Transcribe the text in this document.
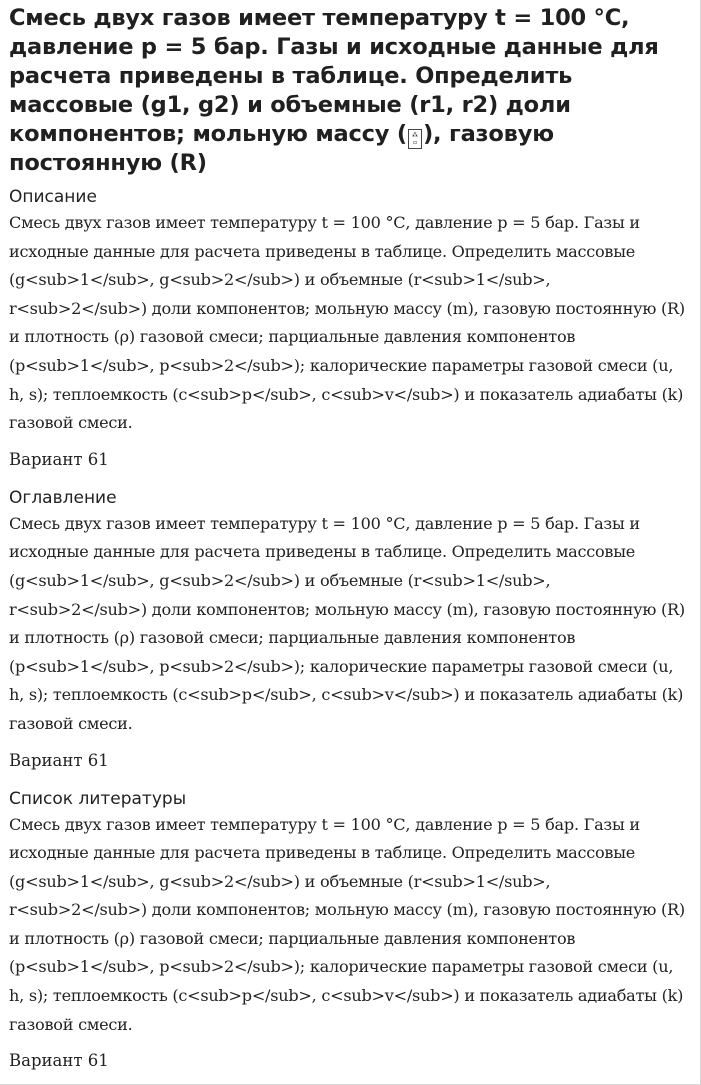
Смесь двух газов имеет температуру t = 100 °С, давление р = 5 бар. Газы и исходные данные для расчета приведены в таблице. Определить массовые (g1, g2) и объемные (r1, r2) доли компонентов; мольную массу ( ⁂
▫ ), газовую постоянную (R)
Описание

Смесь двух газов имеет температуру t = 100 °С, давление р = 5 бар. Газы и исходные данные для расчета приведены в таблице. Определить массовые (g<sub>1</sub>, g<sub>2</sub>) и объемные (r<sub>1</sub>, r<sub>2</sub>) доли компонентов; мольную массу (m), газовую постоянную (R) и плотность (ρ) газовой смеси; парциальные давления компонентов (p<sub>1</sub>, p<sub>2</sub>); калорические параметры газовой смеси (u, h, s); теплоемкость (c<sub>p</sub>, c<sub>v</sub>) и показатель адиабаты (k) газовой смеси.

Вариант 61
Оглавление

Смесь двух газов имеет температуру t = 100 °С, давление р = 5 бар. Газы и исходные данные для расчета приведены в таблице. Определить массовые (g<sub>1</sub>, g<sub>2</sub>) и объемные (r<sub>1</sub>, r<sub>2</sub>) доли компонентов; мольную массу (m), газовую постоянную (R) и плотность (ρ) газовой смеси; парциальные давления компонентов (p<sub>1</sub>, p<sub>2</sub>); калорические параметры газовой смеси (u, h, s); теплоемкость (c<sub>p</sub>, c<sub>v</sub>) и показатель адиабаты (k) газовой смеси.

Вариант 61
Список литературы

Смесь двух газов имеет температуру t = 100 °С, давление р = 5 бар. Газы и исходные данные для расчета приведены в таблице. Определить массовые (g<sub>1</sub>, g<sub>2</sub>) и объемные (r<sub>1</sub>, r<sub>2</sub>) доли компонентов; мольную массу (m), газовую постоянную (R) и плотность (ρ) газовой смеси; парциальные давления компонентов (p<sub>1</sub>, p<sub>2</sub>); калорические параметры газовой смеси (u, h, s); теплоемкость (c<sub>p</sub>, c<sub>v</sub>) и показатель адиабаты (k) газовой смеси.

Вариант 61
